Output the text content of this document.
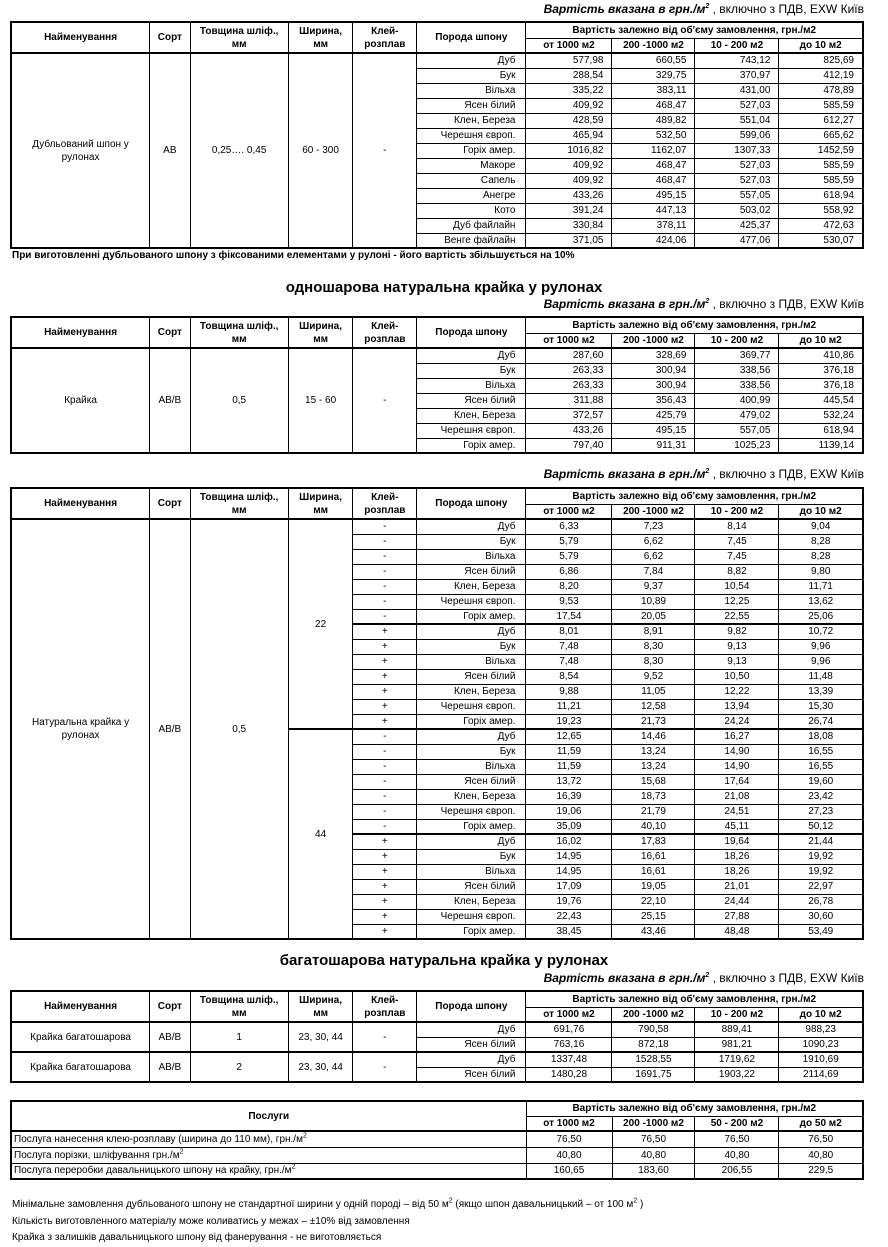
Вартість вказана в $грн./м^2$ , включно з ПДВ, EXW Київ
Найменування	Сорт	Товщина шліф., мм	Ширина, мм	Клей-розплав	Порода шпону	Вартість залежно від об'єму замовлення, грн./м2			
						от 1000 м2	200 -1000 м2	10 - 200 м2	до 10 м2
Дубльований шпон у рулонах	AB	0,25…. 0,45	60 - 300	-	Дуб	577,98	660,55	743,12	825,69
					Бук	288,54	329,75	370,97	412,19
					Вільха	335,22	383,11	431,00	478,89
					Ясен білий	409,92	468,47	527,03	585,59
					Клен, Береза	428,59	489,82	551,04	612,27
					Черешня європ.	465,94	532,50	599,06	665,62
					Горіх амер.	1016,82	1162,07	1307,33	1452,59
					Макоре	409,92	468,47	527,03	585,59
					Сапель	409,92	468,47	527,03	585,59
					Анегре	433,26	495,15	557,05	618,94
					Кото	391,24	447,13	503,02	558,92
					Дуб файлайн	330,84	378,11	425,37	472,63
					Венге файлайн	371,05	424,06	477,06	530,07
При виготовленні дубльованого шпону з фіксованими елементами у рулоні - його вартість збільшується на 10%
одношарова натуральна крайка у рулонах
Вартість вказана в $грн./м^2$ , включно з ПДВ, EXW Київ
Найменування	Сорт	Товщина шліф., мм	Ширина, мм	Клей-розплав	Порода шпону	Вартість залежно від об'єму замовлення, грн./м2			
						от 1000 м2	200 -1000 м2	10 - 200 м2	до 10 м2
Крайка	AB/B	0,5	15 - 60	-	Дуб	287,60	328,69	369,77	410,86
					Бук	263,33	300,94	338,56	376,18
					Вільха	263,33	300,94	338,56	376,18
					Ясен білий	311,88	356,43	400,99	445,54
					Клен, Береза	372,57	425,79	479,02	532,24
					Черешня європ.	433,26	495,15	557,05	618,94
					Горіх амер.	797,40	911,31	1025,23	1139,14
Вартість вказана в $грн./м^2$ , включно з ПДВ, EXW Київ
Найменування	Сорт	Товщина шліф., мм	Ширина, мм	Клей-розплав	Порода шпону	Вартість залежно від об'єму замовлення, грн./м2			
						от 1000 м2	200 -1000 м2	10 - 200 м2	до 10 м2
Натуральна крайка у рулонах	AB/B	0,5	22	-	Дуб	6,33	7,23	8,14	9,04
				-	Бук	5,79	6,62	7,45	8,28
				-	Вільха	5,79	6,62	7,45	8,28
				-	Ясен білий	6,86	7,84	8,82	9,80
				-	Клен, Береза	8,20	9,37	10,54	11,71
				-	Черешня європ.	9,53	10,89	12,25	13,62
				-	Горіх амер.	17,54	20,05	22,55	25,06
				+	Дуб	8,01	8,91	9,82	10,72
				+	Бук	7,48	8,30	9,13	9,96
				+	Вільха	7,48	8,30	9,13	9,96
				+	Ясен білий	8,54	9,52	10,50	11,48
				+	Клен, Береза	9,88	11,05	12,22	13,39
				+	Черешня європ.	11,21	12,58	13,94	15,30
				+	Горіх амер.	19,23	21,73	24,24	26,74
			44	-	Дуб	12,65	14,46	16,27	18,08
				-	Бук	11,59	13,24	14,90	16,55
				-	Вільха	11,59	13,24	14,90	16,55
				-	Ясен білий	13,72	15,68	17,64	19,60
				-	Клен, Береза	16,39	18,73	21,08	23,42
				-	Черешня європ.	19,06	21,79	24,51	27,23
				-	Горіх амер.	35,09	40,10	45,11	50,12
				+	Дуб	16,02	17,83	19,64	21,44
				+	Бук	14,95	16,61	18,26	19,92
				+	Вільха	14,95	16,61	18,26	19,92
				+	Ясен білий	17,09	19,05	21,01	22,97
				+	Клен, Береза	19,76	22,10	24,44	26,78
				+	Черешня європ.	22,43	25,15	27,88	30,60
				+	Горіх амер.	38,45	43,46	48,48	53,49
багатошарова натуральна крайка у рулонах
Вартість вказана в $грн./м^2$ , включно з ПДВ, EXW Київ
Найменування	Сорт	Товщина шліф., мм	Ширина, мм	Клей-розплав	Порода шпону	Вартість залежно від об'єму замовлення, грн./м2			
						от 1000 м2	200 -1000 м2	10 - 200 м2	до 10 м2
Крайка багатошарова	AB/B	1	23, 30, 44	-	Дуб	691,76	790,58	889,41	988,23
					Ясен білий	763,16	872,18	981,21	1090,23
Крайка багатошарова	AB/B	2	23, 30, 44	-	Дуб	1337,48	1528,55	1719,62	1910,69
					Ясен білий	1480,28	1691,75	1903,22	2114,69
Послуги	Вартість залежно від об'єму замовлення, грн./м2			
	от 1000 м2	200 -1000 м2	50 - 200 м2	до 50 м2
Послуга нанесення клею-розплаву (ширина до 110 мм), $грн./м^2$	76,50	76,50	76,50	76,50
Послуга порізки, шліфування $грн./м^2$	40,80	40,80	40,80	40,80
Послуга переробки давальницького шпону на крайку, $грн./м^2$	160,65	183,60	206,55	229,5
Мінімальне замовлення дубльованого шпону не стандартної ширини у одній породі – від 50 $м^2$ (якщо шпон давальницький – от 100 $м^2$ )
Кількість виготовленного матеріалу може коливатись у межах – ±10% від замовлення
Крайка з залишків давальницького шпону від фанерування - не виготовляється
